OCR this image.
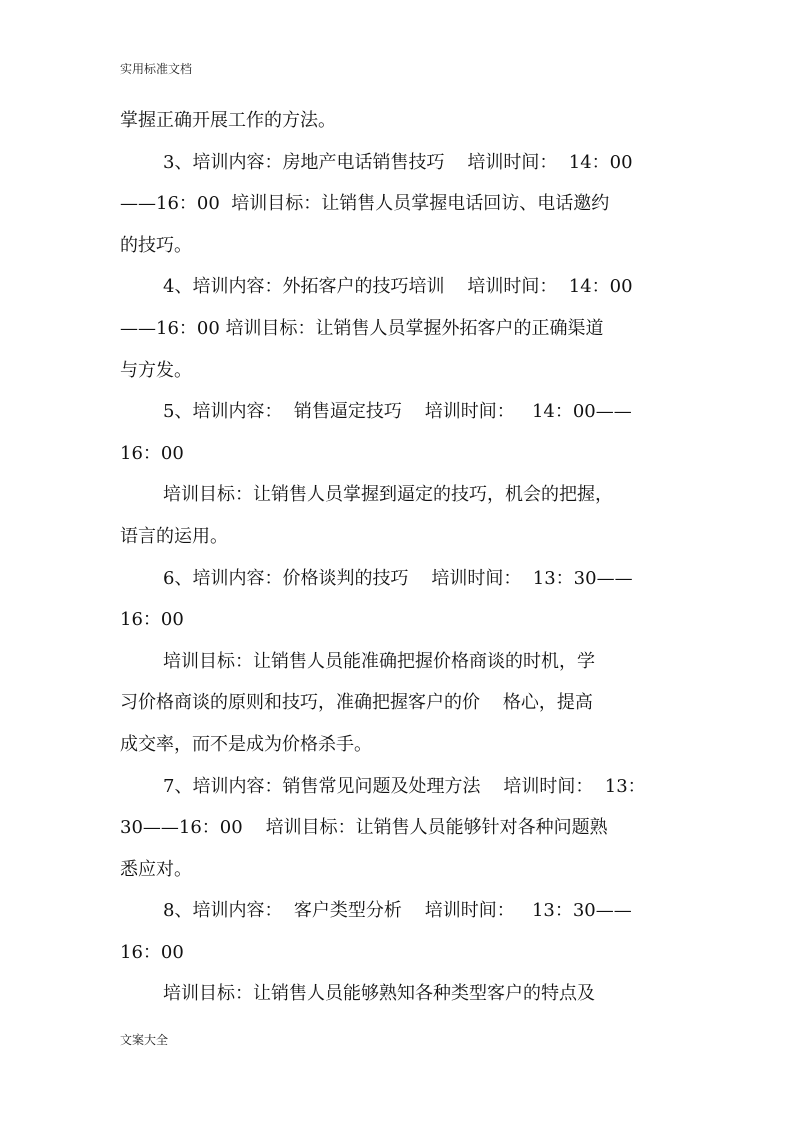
实用标准文档
掌握正确开展工作的方法。
3、培训内容：房地产电话销售技巧    培训时间：  14：00
——16：00  培训目标：让销售人员掌握电话回访、电话邀约
的技巧。
4、培训内容：外拓客户的技巧培训    培训时间：  14：00
——16：00 培训目标：让销售人员掌握外拓客户的正确渠道
与方发。
5、培训内容：  销售逼定技巧    培训时间：   14：00——
16：00
培训目标：让销售人员掌握到逼定的技巧，机会的把握，
语言的运用。
6、培训内容：价格谈判的技巧    培训时间：  13：30——
16：00
培训目标：让销售人员能准确把握价格商谈的时机，学
习价格商谈的原则和技巧，准确把握客户的价    格心，提高
成交率，而不是成为价格杀手。
7、培训内容：销售常见问题及处理方法    培训时间：  13：
30——16：00    培训目标：让销售人员能够针对各种问题熟
悉应对。
8、培训内容：  客户类型分析    培训时间：   13：30——
16：00
培训目标：让销售人员能够熟知各种类型客户的特点及
文案大全
